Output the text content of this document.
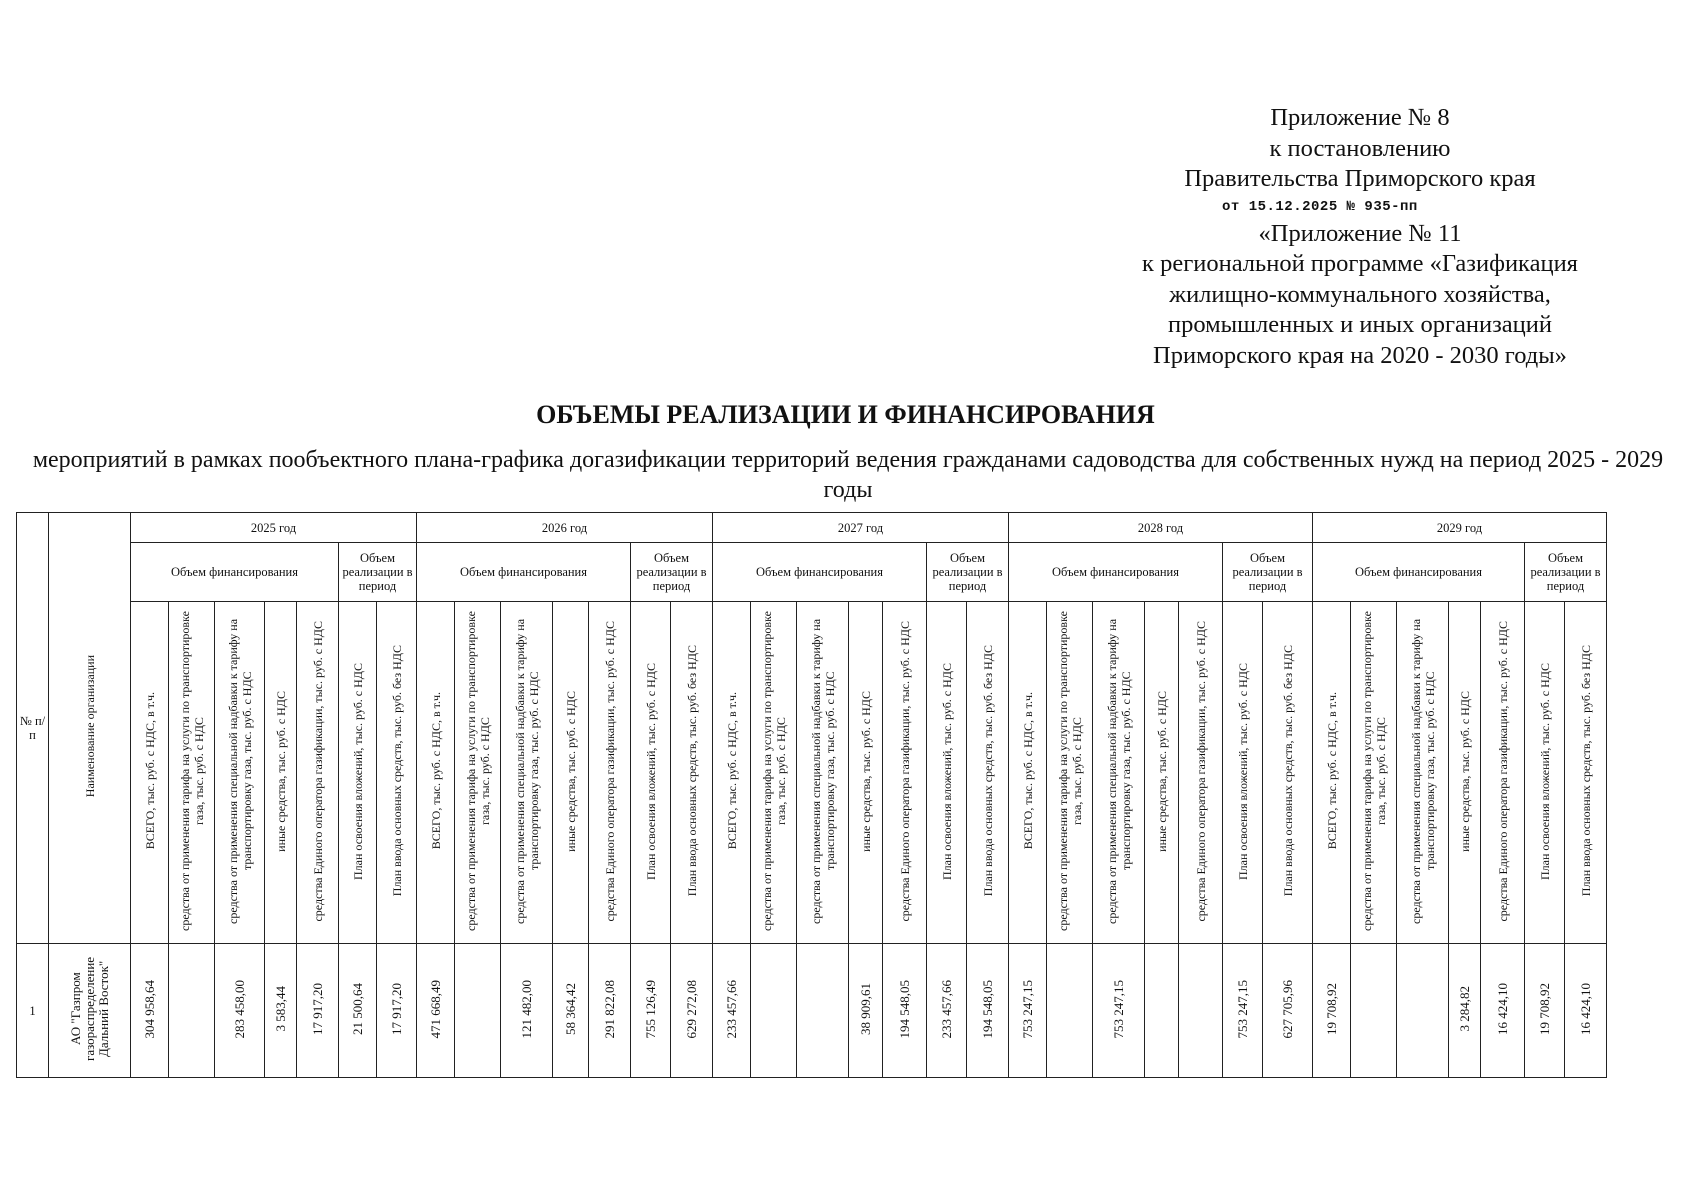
Приложение № 8
к постановлению
Правительства Приморского края
от 15.12.2025 № 935-пп
«Приложение № 11
к региональной программе «Газификация
жилищно-коммунального хозяйства,
промышленных и иных организаций
Приморского края на 2020 - 2030 годы»
ОБЪЕМЫ РЕАЛИЗАЦИИ И ФИНАНСИРОВАНИЯ
мероприятий в рамках пообъектного плана-графика догазификации территорий ведения гражданами садоводства для собственных нужд на период 2025 - 2029 годы
№ п/п	Наименование организации	2025 год							2026 год							2027 год							2028 год							2029 год						
		Объем финансирования					Объем реализации в период		Объем финансирования					Объем реализации в период		Объем финансирования					Объем реализации в период		Объем финансирования					Объем реализации в период		Объем финансирования					Объем реализации в период	
		ВСЕГО, тыс. руб. с НДС, в т.ч.	средства от применения тарифа на услуги по транспортировке газа, тыс. руб. с НДС	средства от применения специальной надбавки к тарифу на транспортировку газа, тыс. руб. с НДС	иные средства, тыс. руб. с НДС	средства Единого оператора газификации, тыс. руб. с НДС	План освоения вложений, тыс. руб. с НДС	План ввода основных средств, тыс. руб. без НДС	ВСЕГО, тыс. руб. с НДС, в т.ч.	средства от применения тарифа на услуги по транспортировке газа, тыс. руб. с НДС	средства от применения специальной надбавки к тарифу на транспортировку газа, тыс. руб. с НДС	иные средства, тыс. руб. с НДС	средства Единого оператора газификации, тыс. руб. с НДС	План освоения вложений, тыс. руб. с НДС	План ввода основных средств, тыс. руб. без НДС	ВСЕГО, тыс. руб. с НДС, в т.ч.	средства от применения тарифа на услуги по транспортировке газа, тыс. руб. с НДС	средства от применения специальной надбавки к тарифу на транспортировку газа, тыс. руб. с НДС	иные средства, тыс. руб. с НДС	средства Единого оператора газификации, тыс. руб. с НДС	План освоения вложений, тыс. руб. с НДС	План ввода основных средств, тыс. руб. без НДС	ВСЕГО, тыс. руб. с НДС, в т.ч.	средства от применения тарифа на услуги по транспортировке газа, тыс. руб. с НДС	средства от применения специальной надбавки к тарифу на транспортировку газа, тыс. руб. с НДС	иные средства, тыс. руб. с НДС	средства Единого оператора газификации, тыс. руб. с НДС	План освоения вложений, тыс. руб. с НДС	План ввода основных средств, тыс. руб. без НДС	ВСЕГО, тыс. руб. с НДС, в т.ч.	средства от применения тарифа на услуги по транспортировке газа, тыс. руб. с НДС	средства от применения специальной надбавки к тарифу на транспортировку газа, тыс. руб. с НДС	иные средства, тыс. руб. с НДС	средства Единого оператора газификации, тыс. руб. с НДС	План освоения вложений, тыс. руб. с НДС	План ввода основных средств, тыс. руб. без НДС
1	АО "Газпром газораспределение Дальний Восток"	304 958,64		283 458,00	3 583,44	17 917,20	21 500,64	17 917,20	471 668,49		121 482,00	58 364,42	291 822,08	755 126,49	629 272,08	233 457,66			38 909,61	194 548,05	233 457,66	194 548,05	753 247,15		753 247,15			753 247,15	627 705,96	19 708,92			3 284,82	16 424,10	19 708,92	16 424,10
